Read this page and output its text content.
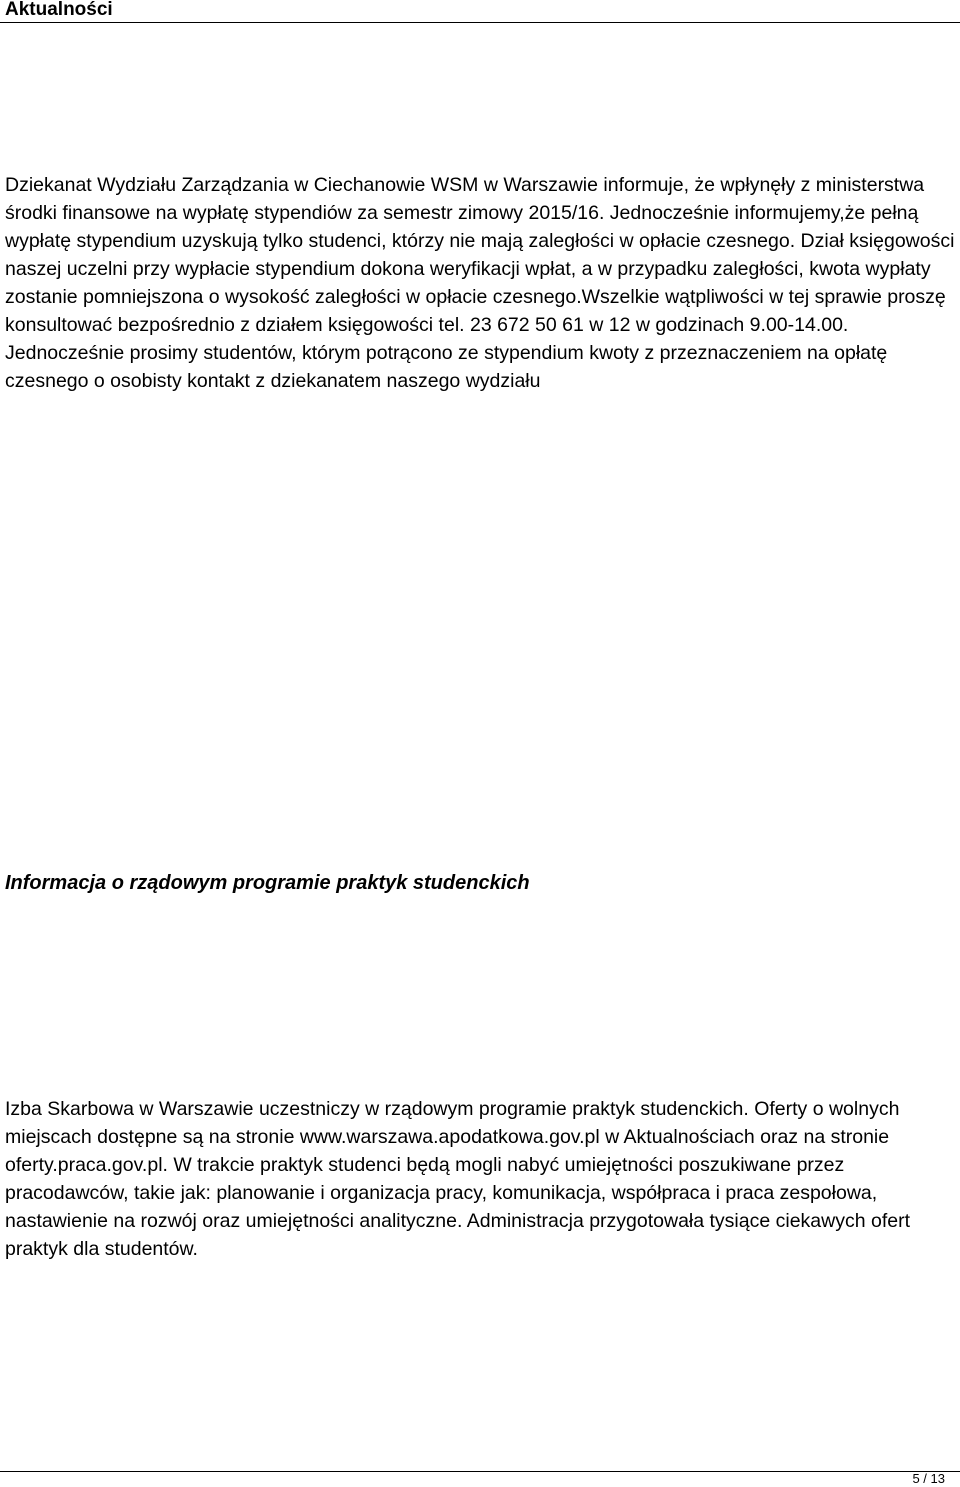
Aktualności

Dziekanat Wydziału Zarządzania w Ciechanowie WSM w Warszawie informuje, że wpłynęły z ministerstwa środki finansowe na wypłatę stypendiów za semestr zimowy 2015/16. Jednocześnie informujemy,że pełną wypłatę stypendium uzyskują tylko studenci, którzy nie mają zaległości w opłacie czesnego. Dział księgowości naszej uczelni przy wypłacie stypendium dokona weryfikacji wpłat, a w przypadku zaległości, kwota wypłaty zostanie pomniejszona o wysokość zaległości w opłacie czesnego.Wszelkie wątpliwości w tej sprawie proszę konsultować bezpośrednio z działem księgowości tel. 23 672 50 61 w 12 w godzinach 9.00-14.00. Jednocześnie prosimy studentów, którym potrącono ze stypendium kwoty z przeznaczeniem na opłatę czesnego o osobisty kontakt z dziekanatem naszego wydziału

Informacja o rządowym programie praktyk studenckich

Izba Skarbowa w Warszawie uczestniczy w rządowym programie praktyk studenckich. Oferty o wolnych miejscach dostępne są na stronie www.warszawa.apodatkowa.gov.pl w Aktualnościach oraz na stronie oferty.praca.gov.pl. W trakcie praktyk studenci będą mogli nabyć umiejętności poszukiwane przez pracodawców, takie jak: planowanie i organizacja pracy, komunikacja, współpraca i praca zespołowa, nastawienie na rozwój oraz umiejętności analityczne. Administracja przygotowała tysiące ciekawych ofert praktyk dla studentów.

5 / 13
